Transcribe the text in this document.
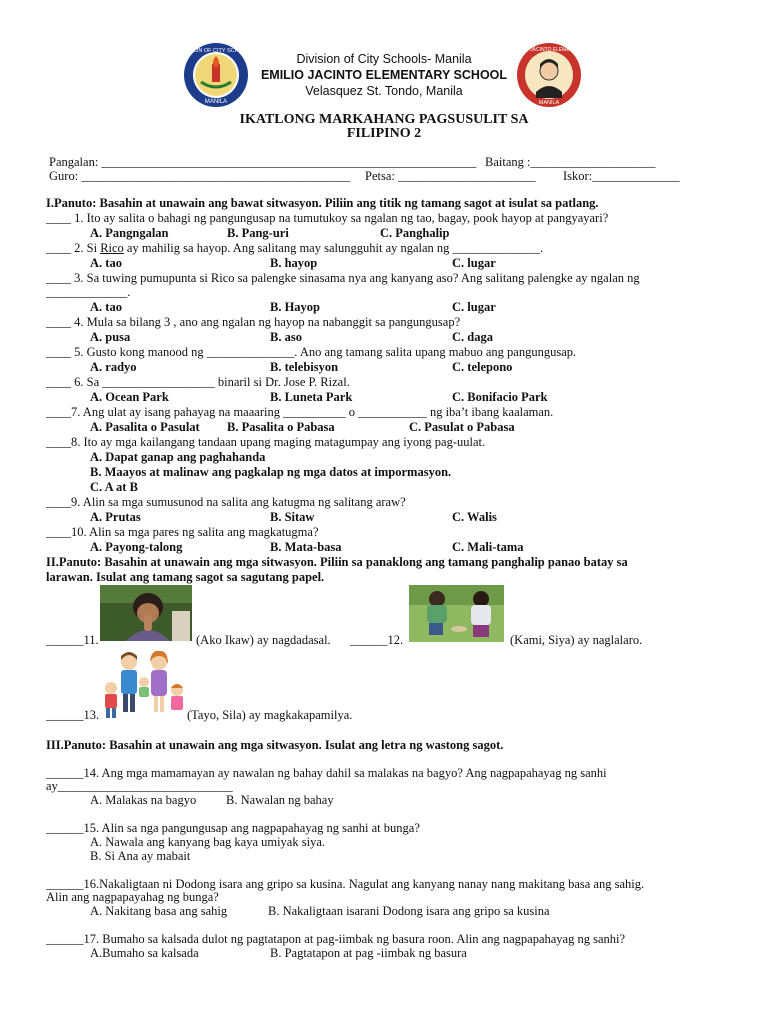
DIVISION OF CITY SCHOOLS
MANILA
EMILIO JACINTO ELEMENTARY
MANILA
Division of City Schools- Manila
EMILIO JACINTO ELEMENTARY SCHOOL
Velasquez St. Tondo, Manila
IKATLONG MARKAHANG PAGSUSULIT SA
FILIPINO 2
Pangalan: ____________________________________________________________ Baitang :____________________
Guro: ___________________________________________ Petsa: ______________________ Iskor:______________
I.Panuto: Basahin at unawain ang bawat sitwasyon. Piliin ang titik ng tamang sagot at isulat sa patlang.
____ 1. Ito ay salita o bahagi ng pangungusap na tumutukoy sa ngalan ng tao, bagay, pook hayop at pangyayari?
A. Pangngalan	B. Pang-uri	C. Panghalip
____ 2. Si Rico ay mahilig sa hayop. Ang salitang may salungguhit ay ngalan ng ______________.
A. tao	B. hayop	C. lugar
____ 3. Sa tuwing pumupunta si Rico sa palengke sinasama nya ang kanyang aso? Ang salitang palengke ay ngalan ng
_____________.
A. tao	B. Hayop	C. lugar
____ 4. Mula sa bilang 3 , ano ang ngalan ng hayop na nabanggit sa pangungusap?
A. pusa	B. aso	C. daga
____ 5. Gusto kong manood ng ______________. Ano ang tamang salita upang mabuo ang pangungusap.
A. radyo	B. telebisyon	C. telepono
____ 6. Sa __________________ binaril si Dr. Jose P. Rizal.
A. Ocean Park	B. Luneta Park	C. Bonifacio Park
____7. Ang ulat ay isang pahayag na maaaring __________ o ___________ ng iba’t ibang kaalaman.
A. Pasalita o Pasulat B. Pasalita o Pabasa	C. Pasulat o Pabasa
____8. Ito ay mga kailangang tandaan upang maging matagumpay ang iyong pag-uulat.
A. Dapat ganap ang paghahanda
B. Maayos at malinaw ang pagkalap ng mga datos at impormasyon.
C. A at B
____9. Alin sa mga sumusunod na salita ang katugma ng salitang araw?
A. Prutas	B. Sitaw	C. Walis
____10. Alin sa mga pares ng salita ang magkatugma?
A. Payong-talong	B. Mata-basa	C. Mali-tama
II.Panuto: Basahin at unawain ang mga sitwasyon. Piliin sa panaklong ang tamang panghalip panao batay sa
larawan. Isulat ang tamang sagot sa sagutang papel.
______11.	(Ako Ikaw) ay nagdadasal. ______12.	(Kami, Siya) ay naglalaro.
______13.	(Tayo, Sila) ay magkakapamilya.
III.Panuto: Basahin at unawain ang mga sitwasyon. Isulat ang letra ng wastong sagot.
______14. Ang mga mamamayan ay nawalan ng bahay dahil sa malakas na bagyo? Ang nagpapahayag ng sanhi
ay____________________________
A. Malakas na bagyo B. Nawalan ng bahay
______15. Alin sa nga pangungusap ang nagpapahayag ng sanhi at bunga?
A. Nawala ang kanyang bag kaya umiyak siya.
B. Si Ana ay mabait
______16.Nakaligtaan ni Dodong isara ang gripo sa kusina. Nagulat ang kanyang nanay nang makitang basa ang sahig.
Alin ang nagpapayahag ng bunga?
A. Nakitang basa ang sahig	B. Nakaligtaan isarani Dodong isara ang gripo sa kusina
______17. Bumaho sa kalsada dulot ng pagtatapon at pag-iimbak ng basura roon. Alin ang nagpapahayag ng sanhi?
A.Bumaho sa kalsada	B. Pagtatapon at pag -iimbak ng basura
